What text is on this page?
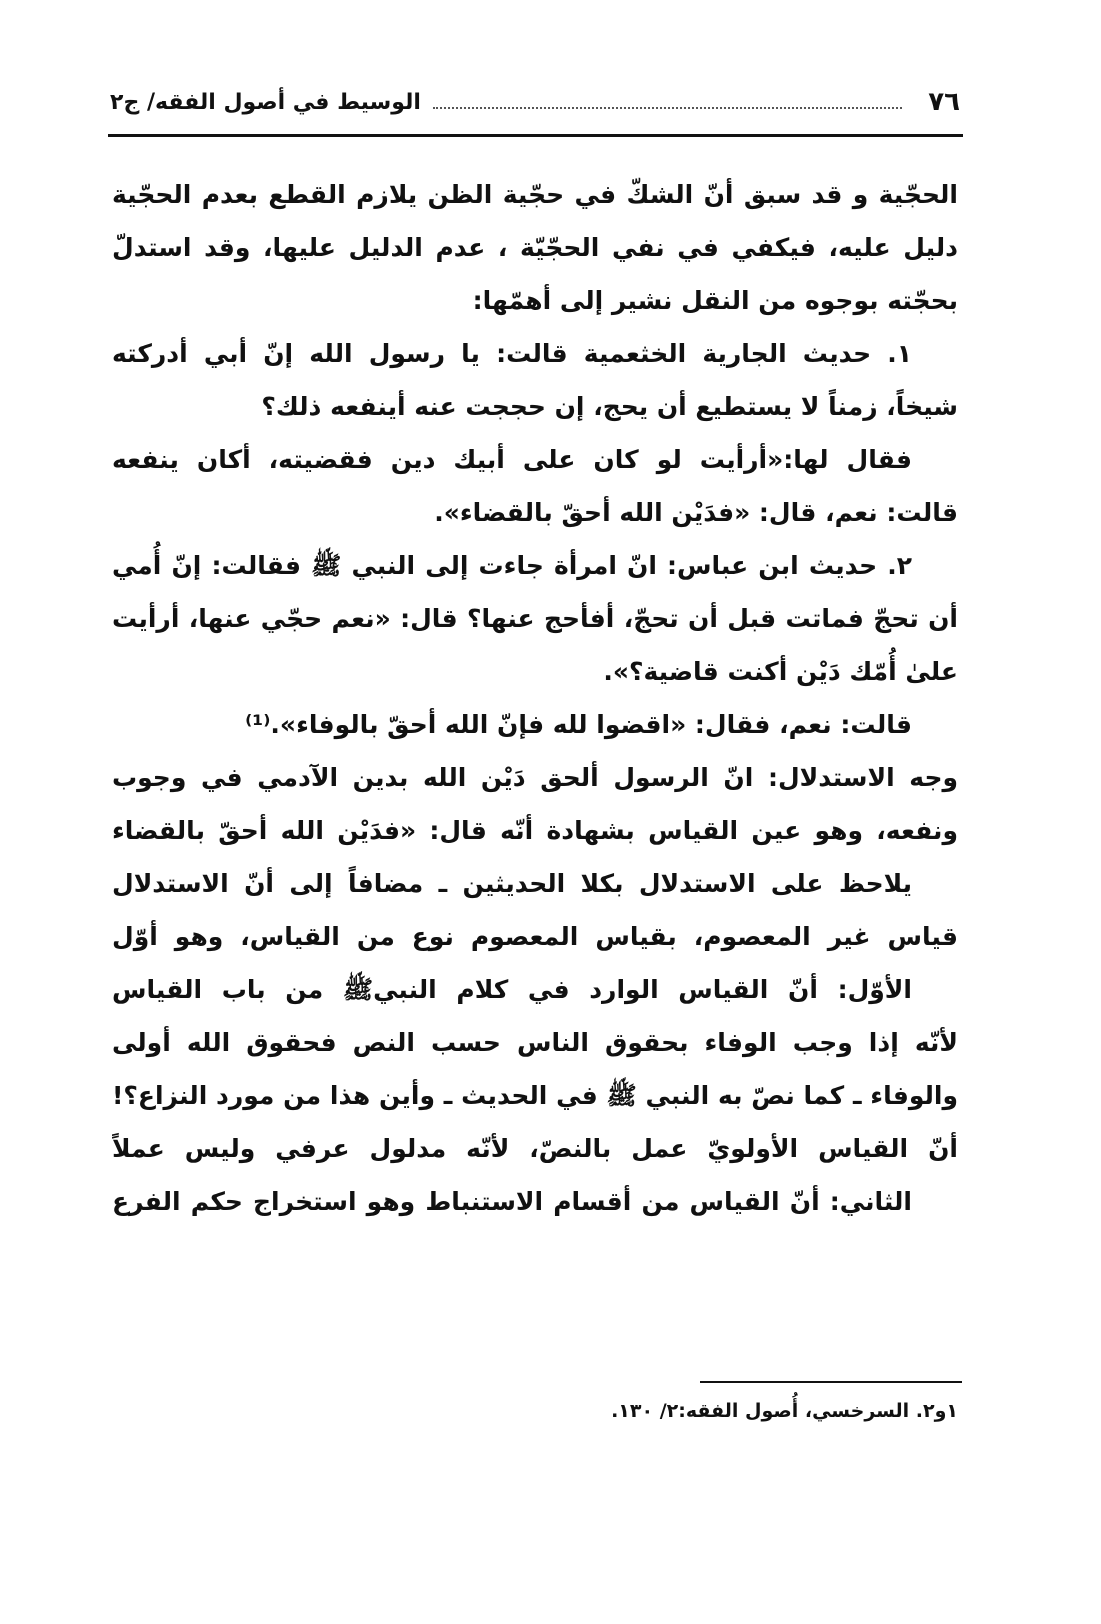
٧٦
الوسيط في أصول الفقه/ ج٢
الحجّية و قد سبق أنّ الشكّ في حجّية الظن يلازم القطع بعدم الحجّية
دليل عليه، فيكفي في نفي الحجّيّة ، عدم الدليل عليها، وقد استدلّ
بحجّته بوجوه من النقل نشير إلى أهمّها:
١. حديث الجارية الخثعمية قالت: يا رسول الله إنّ أبي أدركته
شيخاً، زمناً لا يستطيع أن يحج، إن حججت عنه أينفعه ذلك؟
فقال لها:«أرأيت لو كان على أبيك دين فقضيته، أكان ينفعه
قالت: نعم، قال: «فدَيْن الله أحقّ بالقضاء».
٢. حديث ابن عباس: انّ امرأة جاءت إلى النبي ﷺ فقالت: إنّ أُمي
أن تحجّ فماتت قبل أن تحجّ، أفأحج عنها؟ قال: «نعم حجّي عنها، أرأيت
علىٰ أُمّك دَيْن أكنت قاضية؟».
قالت: نعم، فقال: «اقضوا لله فإنّ الله أحقّ بالوفاء».⁽¹⁾
وجه الاستدلال: انّ الرسول ألحق دَيْن الله بدين الآدمي في وجوب
ونفعه، وهو عين القياس بشهادة أنّه قال: «فدَيْن الله أحقّ بالقضاء
يلاحظ على الاستدلال بكلا الحديثين ـ مضافاً إلى أنّ الاستدلال
قياس غير المعصوم، بقياس المعصوم نوع من القياس، وهو أوّل
الأوّل: أنّ القياس الوارد في كلام النبيﷺ من باب القياس
لأنّه إذا وجب الوفاء بحقوق الناس حسب النص فحقوق الله أولى
والوفاء ـ كما نصّ به النبي ﷺ في الحديث ـ وأين هذا من مورد النزاع؟!
أنّ القياس الأولويّ عمل بالنصّ، لأنّه مدلول عرفي وليس عملاً
الثاني: أنّ القياس من أقسام الاستنباط وهو استخراج حكم الفرع
١و٢. السرخسي، أُصول الفقه:٢/ ١٣٠.
